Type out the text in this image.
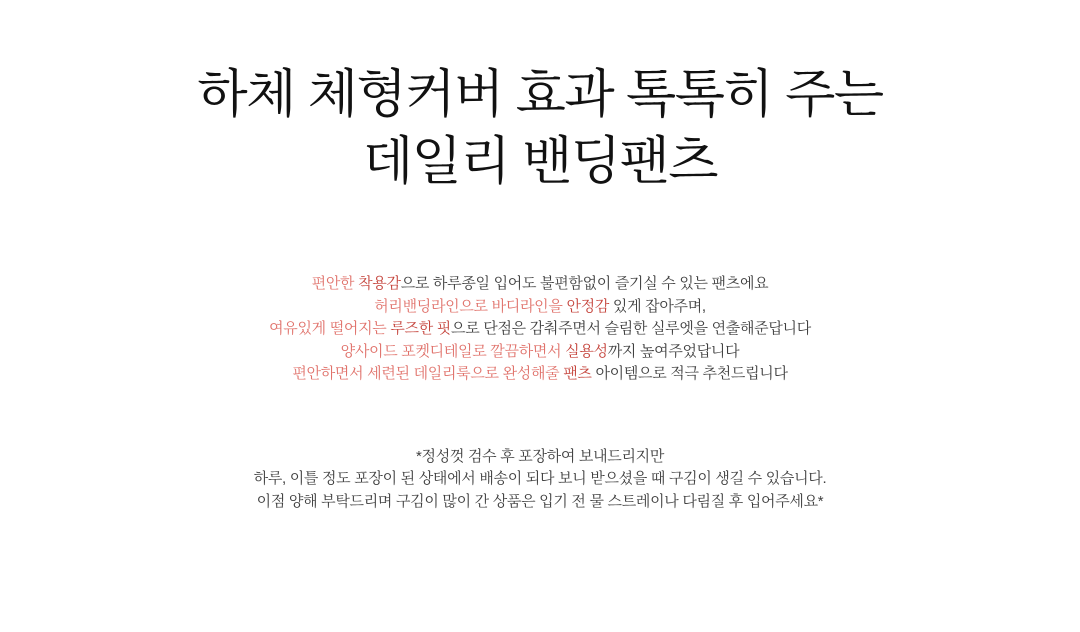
하체 체형커버 효과 톡톡히 주는
데일리 밴딩팬츠
편안한 착용감으로 하루종일 입어도 불편함없이 즐기실 수 있는 팬츠에요
허리밴딩라인으로 바디라인을 안정감 있게 잡아주며,
여유있게 떨어지는 루즈한 핏으로 단점은 감춰주면서 슬림한 실루엣을 연출해준답니다
양사이드 포켓디테일로 깔끔하면서 실용성까지 높여주었답니다
편안하면서 세련된 데일리룩으로 완성해줄 팬츠 아이템으로 적극 추천드립니다
*정성껏 검수 후 포장하여 보내드리지만
하루, 이틀 정도 포장이 된 상태에서 배송이 되다 보니 받으셨을 때 구김이 생길 수 있습니다.
이점 양해 부탁드리며 구김이 많이 간 상품은 입기 전 물 스트레이나 다림질 후 입어주세요*
